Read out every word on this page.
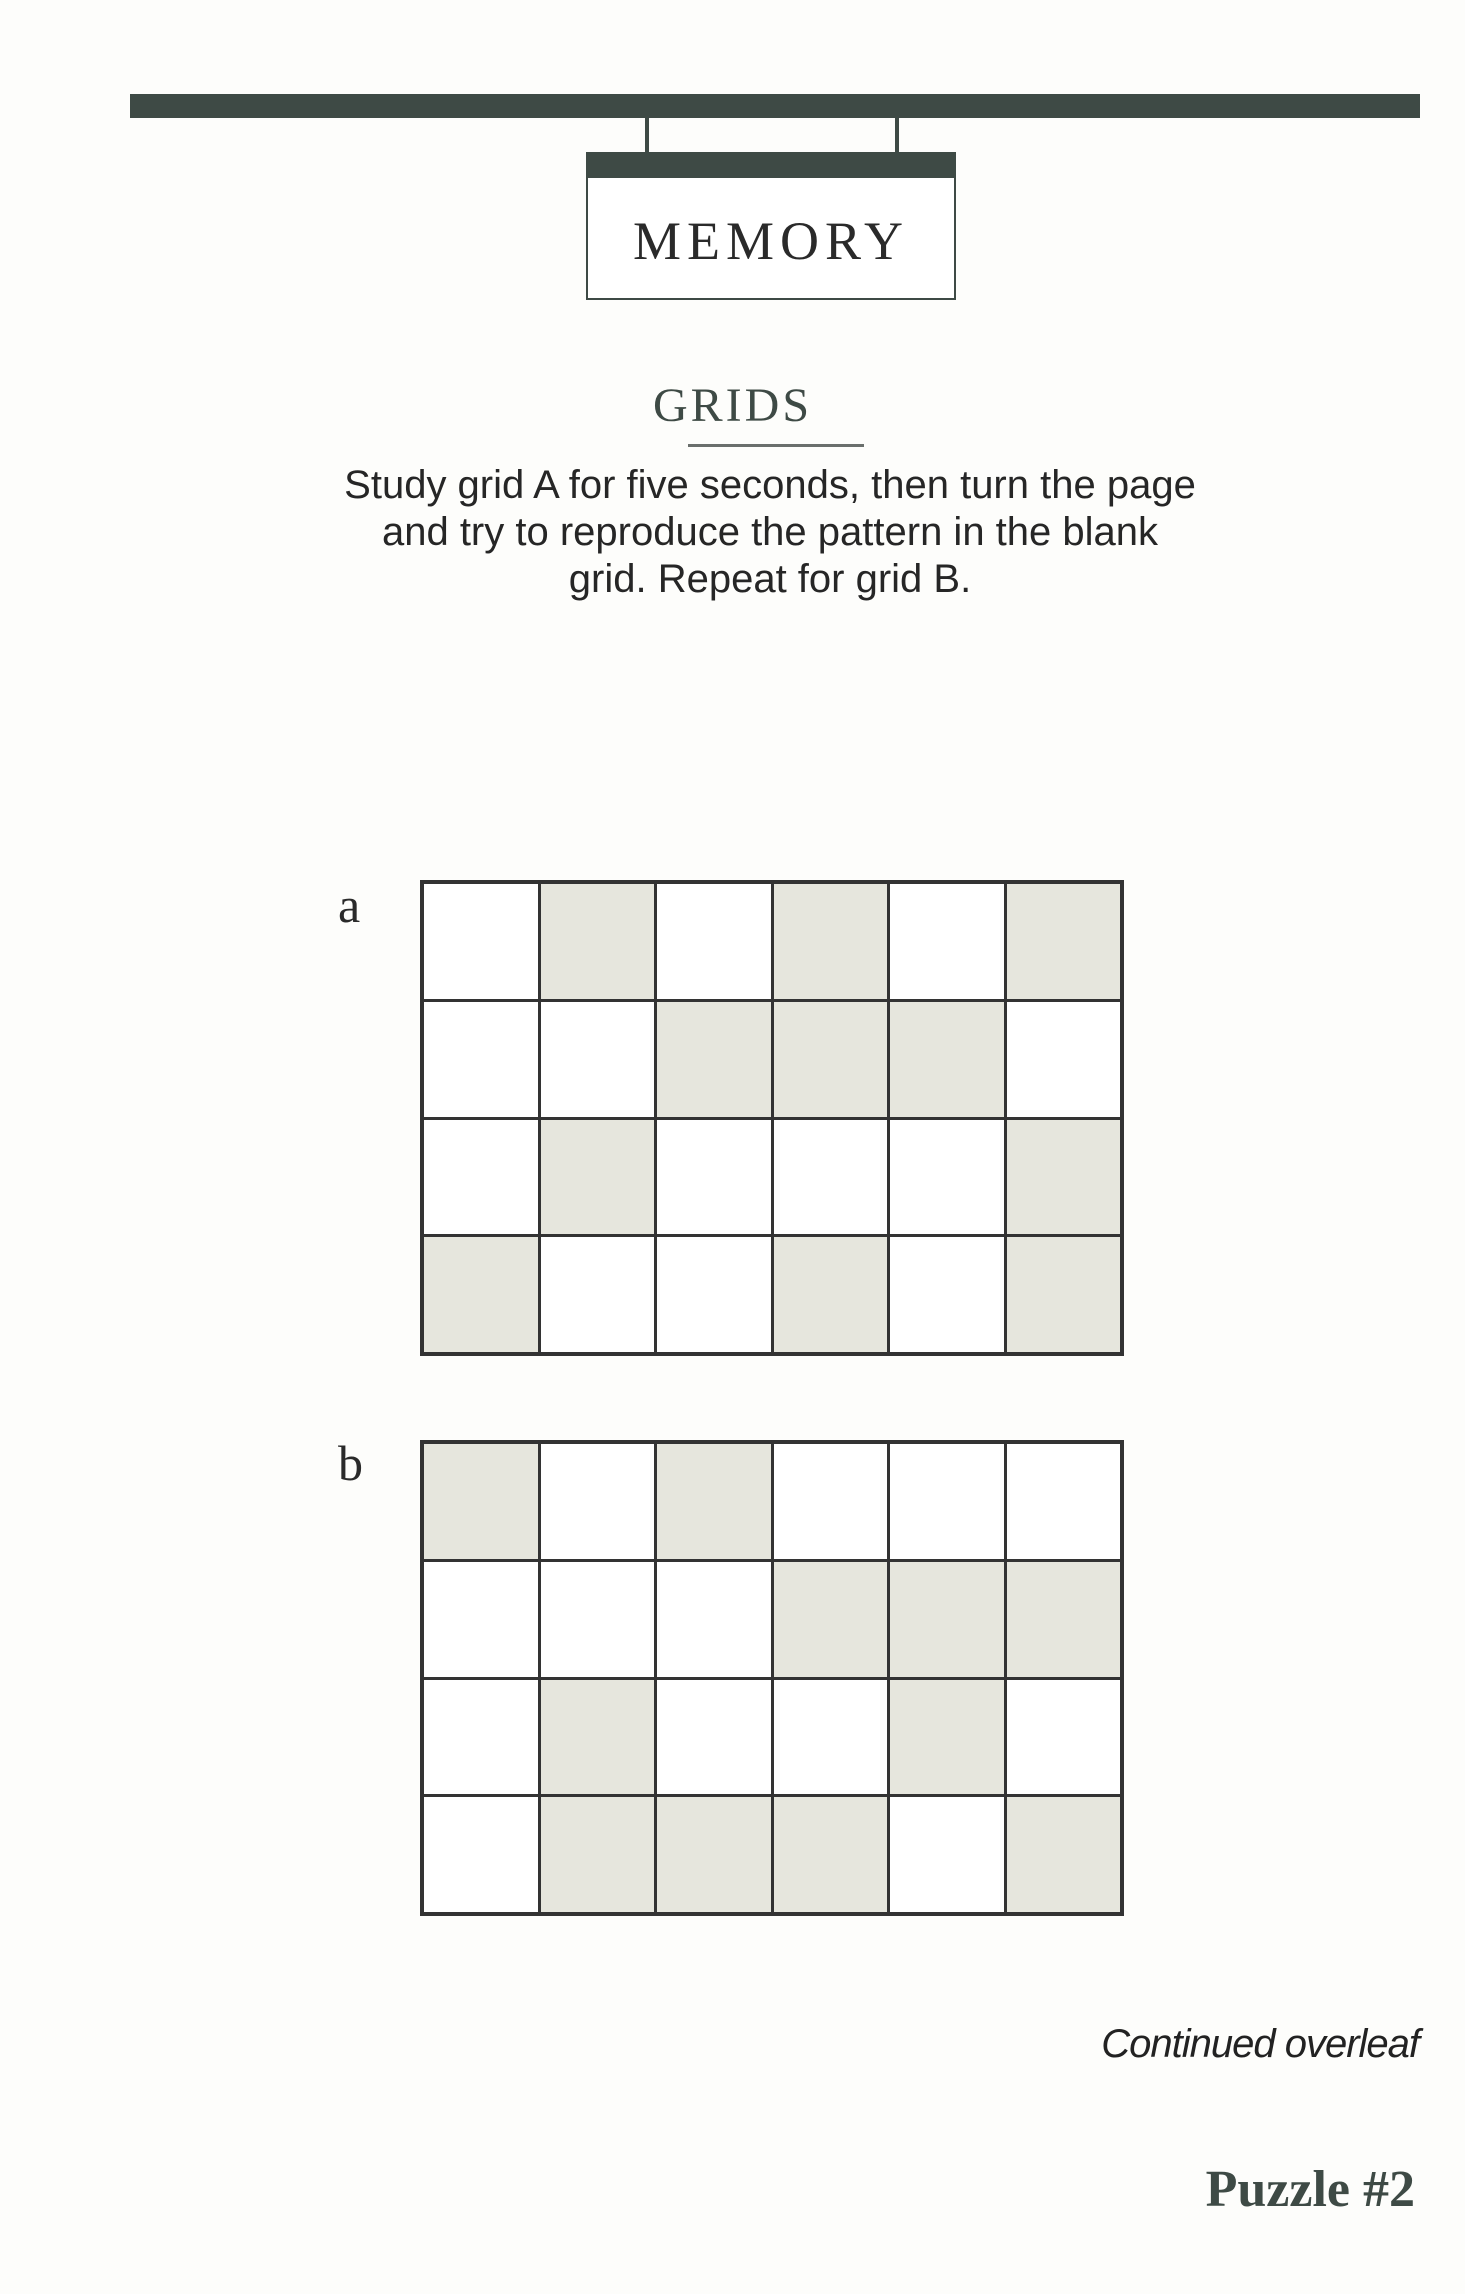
MEMORY
GRIDS
Study grid A for five seconds, then turn the page and try to reproduce the pattern in the blank grid. Repeat for grid B.
a
b
Continued overleaf
Puzzle #2
